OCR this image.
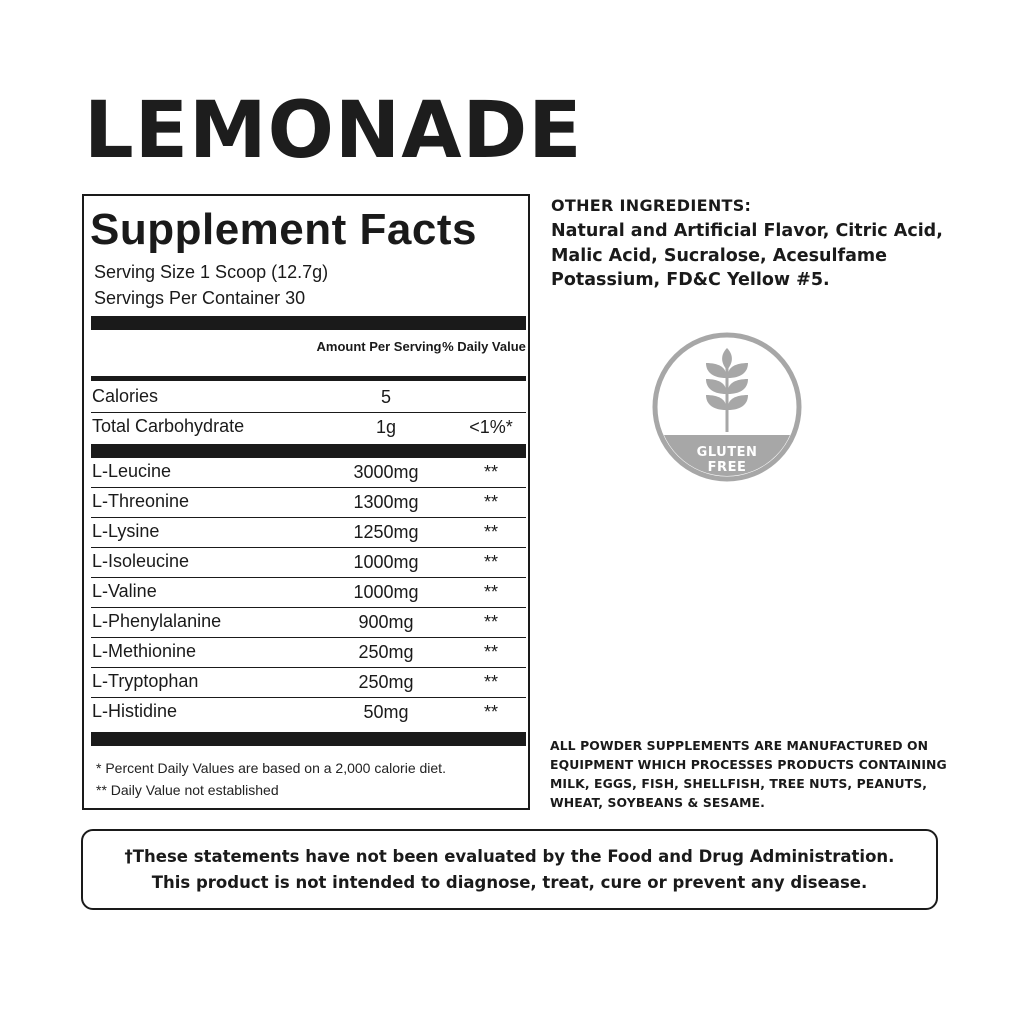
LEMONADE
Supplement Facts
Serving Size 1 Scoop (12.7g)
Servings Per Container 30
Amount Per Serving % Daily Value
Calories	5
Total Carbohydrate	1g	<1%*
L-Leucine	3000mg	**
L-Threonine	1300mg	**
L-Lysine	1250mg	**
L-Isoleucine	1000mg	**
L-Valine	1000mg	**
L-Phenylalanine	900mg	**
L-Methionine	250mg	**
L-Tryptophan	250mg	**
L-Histidine	50mg	**
* Percent Daily Values are based on a 2,000 calorie diet.
** Daily Value not established
OTHER INGREDIENTS:
Natural and Artificial Flavor, Citric Acid, Malic Acid, Sucralose, Acesulfame Potassium, FD&C Yellow #5.
GLUTEN
FREE
ALL POWDER SUPPLEMENTS ARE MANUFACTURED ON EQUIPMENT WHICH PROCESSES PRODUCTS CONTAINING MILK, EGGS, FISH, SHELLFISH, TREE NUTS, PEANUTS, WHEAT, SOYBEANS & SESAME.
†These statements have not been evaluated by the Food and Drug Administration.
This product is not intended to diagnose, treat, cure or prevent any disease.
